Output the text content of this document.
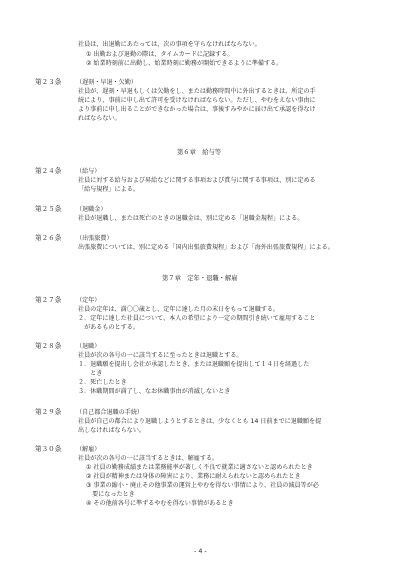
社員は、出退勤にあたっては、次の事項を守らなければならない。
① 出勤および退勤の際は、タイムカードに記録する。
② 始業時刻前に出勤し、始業時刻に勤務が開始できるように準備する。
第２３条 （遅刻・早退・欠勤）
社員が、遅刻・早退もしくは欠勤をし、または勤務時間中に外出するときは、所定の手
続により、事前に申し出て許可を受けなければならない。ただし、やむをえない事由に
より事前に申し出ることができなかった場合は、事後すみやかに届け出て承認を得なけ
ればならない。
第６章　給与等
第２４条 （給与）
社員に対する給与および昇給などに関する事項および賞与に関する事項は、別に定める
「給与規程」による。
第２５条 （退職金）
社員が退職し、または死亡のときの退職金は、別に定める「退職金規程」による。
第２６条 （出張旅費）
出張旅費については、別に定める「国内出張旅費規程」および「海外出張旅費規程」による。
第７章　定年・退職・解雇
第２７条 （定年）
社員の定年は、満〇〇歳とし、定年に達した月の末日をもって退職する。
２．定年に達した社員について、本人の希望により一定の期間引き続いて雇用すること
　があるものとする。
第２８条 （退職）
社員が次の各号の一に該当するに至ったときは退職とする。
１．退職願を提出し会社が承認したとき、または退職願を提出して１４日を経過した
　　とき
２．死亡したとき
３．休職期間が満了し、なお休職事由が消滅しないとき
第２９条 （自己都合退職の手続）
社員が自己の都合により退職しようとするときは、少なくとも 14 日前までに退職願を提
出しなければならない。
第３０条 （解雇）
社員が次の各号の一に該当するときは、解雇する。
① 社員の勤務成績または業務能率が著しく不良で就業に適さないと認められたとき
② 社員が精神または身体の障害により、業務に耐えられないと認められたとき
③ 事業の縮小・廃止その他事業の運営上やむを得ない事情により、社員の減員等が必
　要になったとき
④ その他前各号に準ずるやむを得ない事情があるとき
- 4 -
